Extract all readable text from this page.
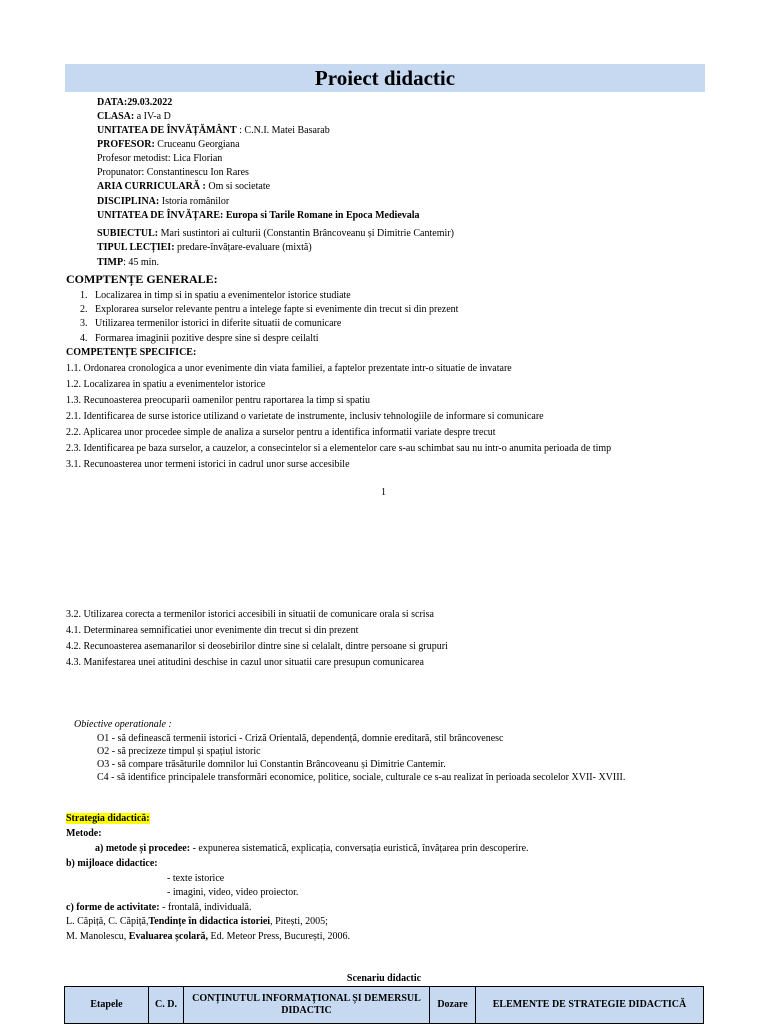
Proiect didactic
DATA:29.03.2022
CLASA: a IV-a D
UNITATEA DE ÎNVĂȚĂMÂNT : C.N.I. Matei Basarab
PROFESOR: Cruceanu Georgiana
Profesor metodist: Lica Florian
Propunator: Constantinescu Ion Rares
ARIA CURRICULARĂ : Om si societate
DISCIPLINA: Istoria românilor
UNITATEA DE ÎNVĂȚARE: Europa si Tarile Romane in Epoca Medievala
SUBIECTUL: Mari sustintori ai culturii (Constantin Brâncoveanu și Dimitrie Cantemir)
TIPUL LECȚIEI: predare-învățare-evaluare (mixtă)
TIMP: 45 min.
COMPTENȚE GENERALE:
1.   Localizarea in timp si in spatiu a evenimentelor istorice studiate
2.   Explorarea surselor relevante pentru a intelege fapte si evenimente din trecut si din prezent
3.   Utilizarea termenilor istorici in diferite situatii de comunicare
4.   Formarea imaginii pozitive despre sine si despre ceilalti
COMPETENȚE SPECIFICE:
1.1. Ordonarea cronologica a unor evenimente din viata familiei, a faptelor prezentate intr-o situatie de invatare
1.2. Localizarea in spatiu a evenimentelor istorice
1.3. Recunoasterea preocuparii oamenilor pentru raportarea la timp si spatiu
2.1. Identificarea de surse istorice utilizand o varietate de instrumente, inclusiv tehnologiile de informare si comunicare
2.2. Aplicarea unor procedee simple de analiza a surselor pentru a identifica informatii variate despre trecut
2.3. Identificarea pe baza surselor, a cauzelor, a consecintelor si a elementelor care s-au schimbat sau nu intr-o anumita perioada de timp
3.1. Recunoasterea unor termeni istorici in cadrul unor surse accesibile
1
3.2. Utilizarea corecta a termenilor istorici accesibili in situatii de comunicare orala si scrisa
4.1. Determinarea semnificatiei unor evenimente din trecut si din prezent
4.2. Recunoasterea asemanarilor si deosebirilor dintre sine si celalalt, dintre persoane si grupuri
4.3. Manifestarea unei atitudini deschise in cazul unor situatii care presupun comunicarea
Obiective operationale :
O1 - să definească termenii istorici - Criză Orientală, dependență, domnie ereditară, stil brâncovenesc
O2 - să precizeze timpul și spațiul istoric
O3 - să compare trăsăturile domnilor lui Constantin Brâncoveanu și Dimitrie Cantemir.
C4 - să identifice principalele transformări economice, politice, sociale, culturale ce s-au realizat în perioada secolelor XVII- XVIII.
Strategia didactică:
Metode:
a) metode și procedee: - expunerea sistematică, explicația, conversația euristică, învățarea prin descoperire.
b) mijloace didactice:
- texte istorice
- imagini, video, video proiector.
c) forme de activitate: - frontală, individuală.
L. Căpiță, C. Căpiță,Tendințe în didactica istoriei, Pitești, 2005;
M. Manolescu, Evaluarea școlară, Ed. Meteor Press, București, 2006.
Scenariu didactic
Etapele	C. D.	CONȚINUTUL INFORMAȚIONAL ȘI DEMERSUL DIDACTIC	Dozare	ELEMENTE DE STRATEGIE DIDACTICĂ
